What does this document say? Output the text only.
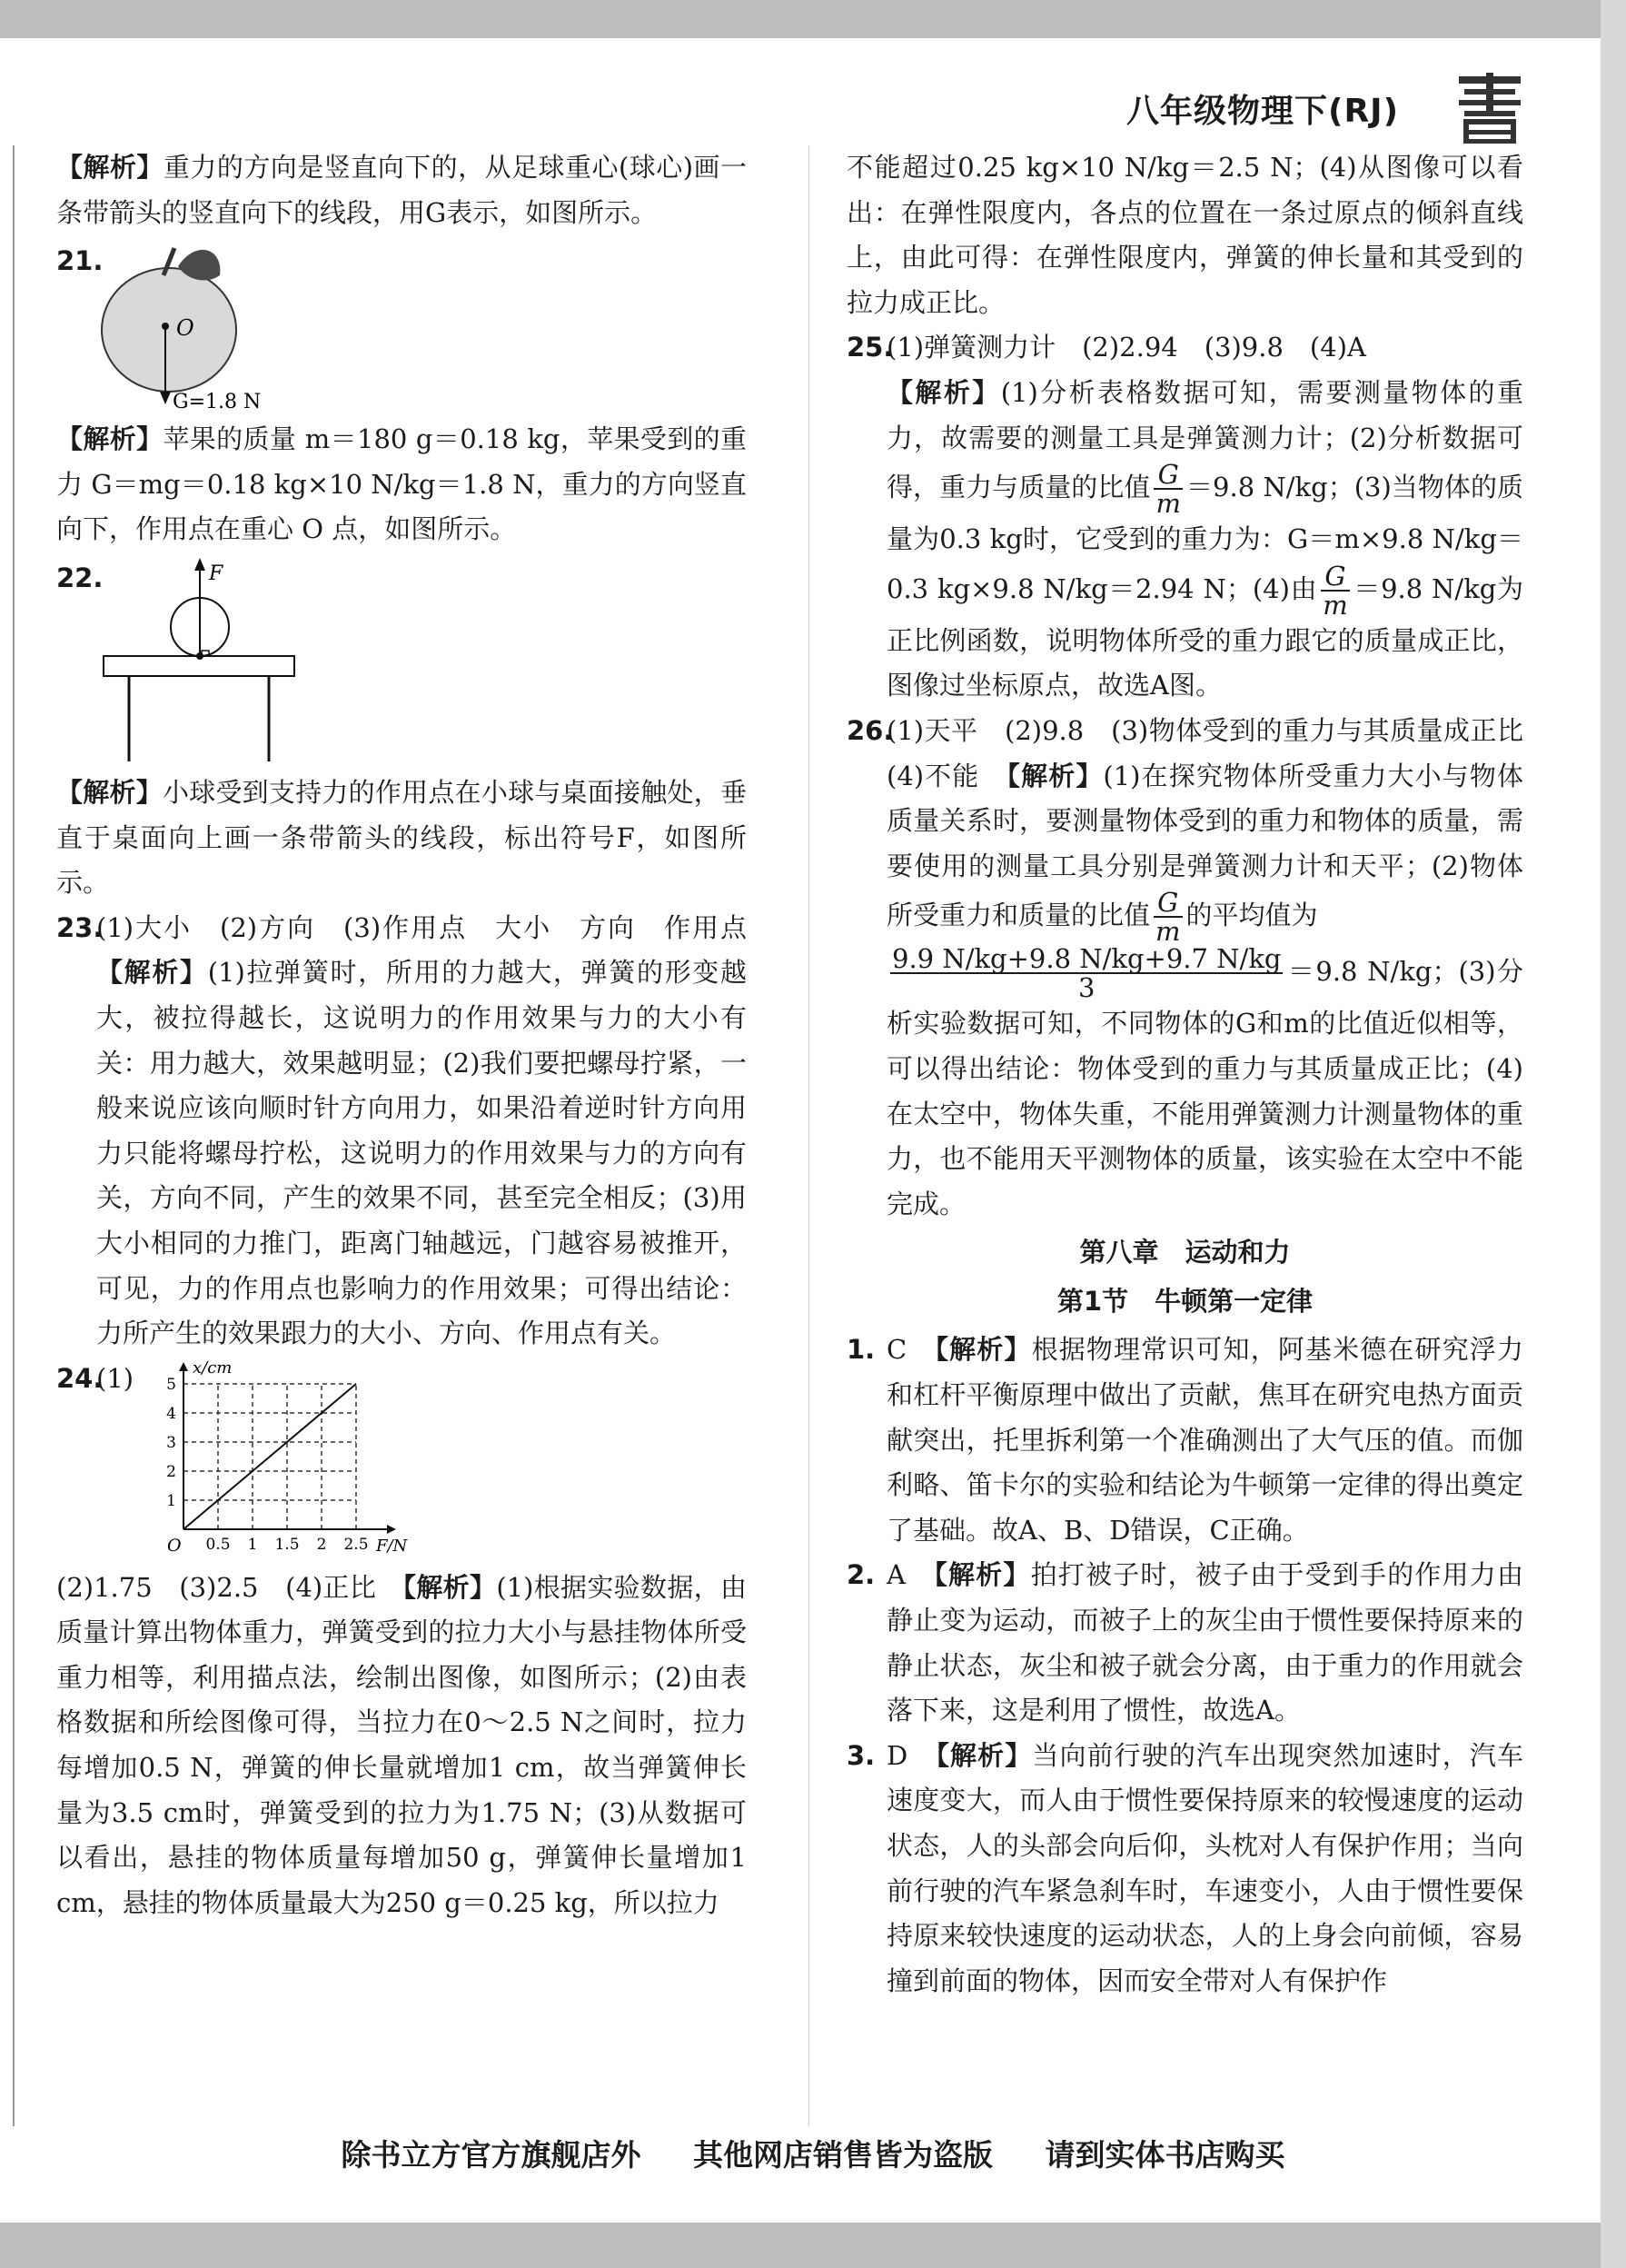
八年级物理下(RJ)

【解析】重力的方向是竖直向下的，从足球重心(球心)画一条带箭头的竖直向下的线段，用G表示，如图所示。

21.
O
G=1.8 N

【解析】苹果的质量 m＝180 g＝0.18 kg，苹果受到的重力 G＝mg＝0.18 kg×10 N/kg＝1.8 N，重力的方向竖直向下，作用点在重心 O 点，如图所示。

22.	F

【解析】小球受到支持力的作用点在小球与桌面接触处，垂直于桌面向上画一条带箭头的线段，标出符号F，如图所示。

23.
(1)大小　(2)方向　(3)作用点　大小　方向　作用点　【解析】(1)拉弹簧时，所用的力越大，弹簧的形变越大，被拉得越长，这说明力的作用效果与力的大小有关：用力越大，效果越明显；(2)我们要把螺母拧紧，一般来说应该向顺时针方向用力，如果沿着逆时针方向用力只能将螺母拧松，这说明力的作用效果与力的方向有关，方向不同，产生的效果不同，甚至完全相反；(3)用大小相同的力推门，距离门轴越远，门越容易被推开，可见，力的作用点也影响力的作用效果；可得出结论：力所产生的效果跟力的大小、方向、作用点有关。

24.
(1)
0.5 1 1.5 2 2.5
1
2
3
4
5
x/cm
F/N
O

(2)1.75　(3)2.5　(4)正比　【解析】(1)根据实验数据，由质量计算出物体重力，弹簧受到的拉力大小与悬挂物体所受重力相等，利用描点法，绘制出图像，如图所示；(2)由表格数据和所绘图像可得，当拉力在0～2.5 N之间时，拉力每增加0.5 N，弹簧的伸长量就增加1 cm，故当弹簧伸长量为3.5 cm时，弹簧受到的拉力为1.75 N；(3)从数据可以看出，悬挂的物体质量每增加50 g，弹簧伸长量增加1 cm，悬挂的物体质量最大为250 g＝0.25 kg，所以拉力

不能超过0.25 kg×10 N/kg＝2.5 N；(4)从图像可以看出：在弹性限度内，各点的位置在一条过原点的倾斜直线上，由此可得：在弹性限度内，弹簧的伸长量和其受到的拉力成正比。

25.
(1)弹簧测力计　(2)2.94　(3)9.8　(4)A
【解析】(1)分析表格数据可知，需要测量物体的重力，故需要的测量工具是弹簧测力计；(2)分析数据可得，重力与质量的比值 $\frac{G}{m} =9.8$ N/kg；(3)当物体的质量为0.3 kg时，它受到的重力为：G＝m×9.8 N/kg＝0.3 kg×9.8 N/kg＝2.94 N；(4)由 $\frac{G}{m} =9.8$ N/kg为正比例函数，说明物体所受的重力跟它的质量成正比，图像过坐标原点，故选A图。

26.
(1)天平　(2)9.8　(3)物体受到的重力与其质量成正比　(4)不能　【解析】(1)在探究物体所受重力大小与物体质量关系时，要测量物体受到的重力和物体的质量，需要使用的测量工具分别是弹簧测力计和天平；(2)物体所受重力和质量的比值 $\frac{G}{m}$ 的平均值为

$\frac{9.9 N/kg+9.8 N/kg+9.7 N/kg}{3} =9.8$ N/kg；(3)分析实验数据可知，不同物体的G和m的比值近似相等，可以得出结论：物体受到的重力与其质量成正比；(4)在太空中，物体失重，不能用弹簧测力计测量物体的重力，也不能用天平测物体的质量，该实验在太空中不能完成。

第八章　运动和力

第1节　牛顿第一定律

1. C　【解析】根据物理常识可知，阿基米德在研究浮力和杠杆平衡原理中做出了贡献，焦耳在研究电热方面贡献突出，托里拆利第一个准确测出了大气压的值。而伽利略、笛卡尔的实验和结论为牛顿第一定律的得出奠定了基础。故A、B、D错误，C正确。

2. A　【解析】拍打被子时，被子由于受到手的作用力由静止变为运动，而被子上的灰尘由于惯性要保持原来的静止状态，灰尘和被子就会分离，由于重力的作用就会落下来，这是利用了惯性，故选A。

3. D　【解析】当向前行驶的汽车出现突然加速时，汽车速度变大，而人由于惯性要保持原来的较慢速度的运动状态，人的头部会向后仰，头枕对人有保护作用；当向前行驶的汽车紧急刹车时，车速变小，人由于惯性要保持原来较快速度的运动状态，人的上身会向前倾，容易撞到前面的物体，因而安全带对人有保护作

除书立方官方旗舰店外 其他网店销售皆为盗版 请到实体书店购买
